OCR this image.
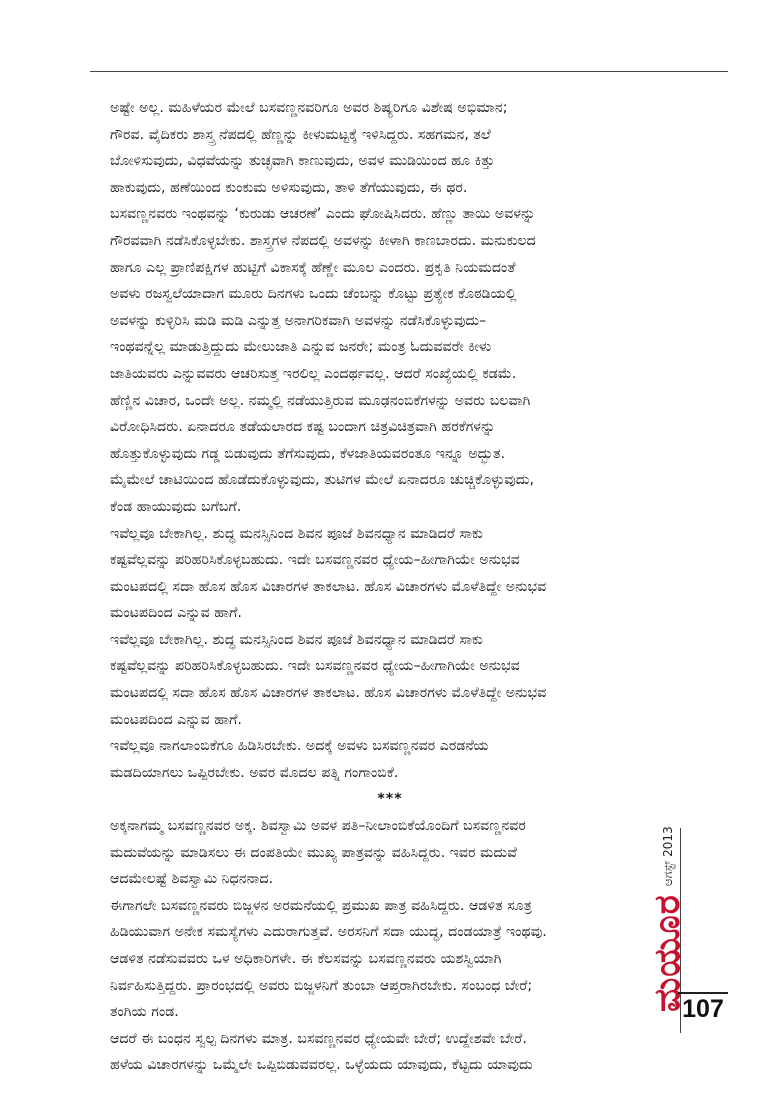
ಅಷ್ಟೇ ಅಲ್ಲ. ಮಹಿಳೆಯರ ಮೇಲೆ ಬಸವಣ್ಣನವರಿಗೂ ಅವರ ಶಿಷ್ಯರಿಗೂ ವಿಶೇಷ ಅಭಿಮಾನ;

ಗೌರವ. ವೈದಿಕರು ಶಾಸ್ತ್ರ ನೆಪದಲ್ಲಿ ಹೆಣ್ಣನ್ನು ಕೀಳುಮಟ್ಟಕ್ಕೆ ಇಳಿಸಿದ್ದರು. ಸಹಗಮನ, ತಲೆ

ಬೋಳಿಸುವುದು, ವಿಧವೆಯನ್ನು ತುಚ್ಛವಾಗಿ ಕಾಣುವುದು, ಅವಳ ಮುಡಿಯಿಂದ ಹೂ ಕಿತ್ತು

ಹಾಕುವುದು, ಹಣೆಯಿಂದ ಕುಂಕುಮ ಅಳಿಸುವುದು, ತಾಳಿ ತೆಗೆಯುವುದು, ಈ ಥರ.

ಬಸವಣ್ಣನವರು ಇಂಥವನ್ನು ‘ಕುರುಡು ಆಚರಣೆ’ ಎಂದು ಘೋಷಿಸಿದರು. ಹೆಣ್ಣು ತಾಯಿ ಅವಳನ್ನು

ಗೌರವವಾಗಿ ನಡೆಸಿಕೊಳ್ಳಬೇಕು. ಶಾಸ್ತ್ರಗಳ ನೆಪದಲ್ಲಿ ಅವಳನ್ನು ಕೀಳಾಗಿ ಕಾಣಬಾರದು. ಮನುಕುಲದ

ಹಾಗೂ ಎಲ್ಲ ಪ್ರಾಣಿಪಕ್ಷಿಗಳ ಹುಟ್ಟಿಗೆ ವಿಕಾಸಕ್ಕೆ ಹೆಣ್ಣೇ ಮೂಲ ಎಂದರು. ಪ್ರಕೃತಿ ನಿಯಮದಂತೆ

ಅವಳು ರಜಸ್ವಲೆಯಾದಾಗ ಮೂರು ದಿನಗಳು ಒಂದು ಚೆಂಬನ್ನು ಕೊಟ್ಟು ಪ್ರತ್ಯೇಕ ಕೊಠಡಿಯಲ್ಲಿ

ಅವಳನ್ನು ಕುಳ್ಳಿರಿಸಿ ಮಡಿ ಮಡಿ ಎನ್ನುತ್ತ ಅನಾಗರಿಕವಾಗಿ ಅವಳನ್ನು ನಡೆಸಿಕೊಳ್ಳುವುದು–

ಇಂಥವನ್ನೆಲ್ಲ ಮಾಡುತ್ತಿದ್ದುದು ಮೇಲುಜಾತಿ ಎನ್ನುವ ಜನರೇ; ಮಂತ್ರ ಓದುವವರೇ ಕೀಳು

ಜಾತಿಯವರು ಎನ್ನುವವರು ಆಚರಿಸುತ್ತ ಇರಲಿಲ್ಲ ಎಂದರ್ಥವಲ್ಲ. ಆದರೆ ಸಂಖ್ಯೆಯಲ್ಲಿ ಕಡಮೆ.

ಹೆಣ್ಣಿನ ವಿಚಾರ, ಒಂದೇ ಅಲ್ಲ. ನಮ್ಮಲ್ಲಿ ನಡೆಯುತ್ತಿರುವ ಮೂಢನಂಬಿಕೆಗಳನ್ನು ಅವರು ಬಲವಾಗಿ

ವಿರೋಧಿಸಿದರು. ಏನಾದರೂ ತಡೆಯಲಾರದ ಕಷ್ಟ ಬಂದಾಗ ಚಿತ್ರವಿಚಿತ್ರವಾಗಿ ಹರಕೆಗಳನ್ನು

ಹೊತ್ತುಕೊಳ್ಳುವುದು ಗಡ್ಡ ಬಿಡುವುದು ತೆಗೆಸುವುದು, ಕೆಳಜಾತಿಯವರಂತೂ ಇನ್ನೂ ಅದ್ಭುತ.

ಮೈಮೇಲೆ ಚಾಟಿಯಿಂದ ಹೊಡೆದುಕೊಳ್ಳುವುದು, ತುಟಿಗಳ ಮೇಲೆ ಏನಾದರೂ ಚುಚ್ಚಿಕೊಳ್ಳುವುದು,

ಕೆಂಡ ಹಾಯುವುದು ಬಗೆಬಗೆ.

ಇವೆಲ್ಲವೂ ಬೇಕಾಗಿಲ್ಲ. ಶುದ್ಧ ಮನಸ್ಸಿನಿಂದ ಶಿವನ ಪೂಜೆ ಶಿವನಧ್ಯಾನ ಮಾಡಿದರೆ ಸಾಕು

ಕಷ್ಟವೆಲ್ಲವನ್ನು ಪರಿಹರಿಸಿಕೊಳ್ಳಬಹುದು. ಇದೇ ಬಸವಣ್ಣನವರ ಧ್ಯೇಯ–ಹೀಗಾಗಿಯೇ ಅನುಭವ

ಮಂಟಪದಲ್ಲಿ ಸದಾ ಹೊಸ ಹೊಸ ವಿಚಾರಗಳ ತಾಕಲಾಟ. ಹೊಸ ವಿಚಾರಗಳು ಮೊಳೆತಿದ್ದೇ ಅನುಭವ

ಮಂಟಪದಿಂದ ಎನ್ನುವ ಹಾಗೆ.

ಇವೆಲ್ಲವೂ ಬೇಕಾಗಿಲ್ಲ. ಶುದ್ಧ ಮನಸ್ಸಿನಿಂದ ಶಿವನ ಪೂಜೆ ಶಿವನಧ್ಯಾನ ಮಾಡಿದರೆ ಸಾಕು

ಕಷ್ಟವೆಲ್ಲವನ್ನು ಪರಿಹರಿಸಿಕೊಳ್ಳಬಹುದು. ಇದೇ ಬಸವಣ್ಣನವರ ಧ್ಯೇಯ–ಹೀಗಾಗಿಯೇ ಅನುಭವ

ಮಂಟಪದಲ್ಲಿ ಸದಾ ಹೊಸ ಹೊಸ ವಿಚಾರಗಳ ತಾಕಲಾಟ. ಹೊಸ ವಿಚಾರಗಳು ಮೊಳೆತಿದ್ದೇ ಅನುಭವ

ಮಂಟಪದಿಂದ ಎನ್ನುವ ಹಾಗೆ.

ಇವೆಲ್ಲವೂ ನಾಗಲಾಂಬಿಕೆಗೂ ಹಿಡಿಸಿರಬೇಕು. ಅದಕ್ಕೆ ಅವಳು ಬಸವಣ್ಣನವರ ಎರಡನೆಯ

ಮಡದಿಯಾಗಲು ಒಪ್ಪಿರಬೇಕು. ಅವರ ಮೊದಲ ಪತ್ನಿ ಗಂಗಾಂಬಿಕೆ.

***

ಅಕ್ಕನಾಗಮ್ಮ ಬಸವಣ್ಣನವರ ಅಕ್ಕ. ಶಿವಸ್ವಾಮಿ ಅವಳ ಪತಿ–ನೀಲಾಂಬಿಕೆಯೊಂದಿಗೆ ಬಸವಣ್ಣನವರ

ಮದುವೆಯನ್ನು ಮಾಡಿಸಲು ಈ ದಂಪತಿಯೇ ಮುಖ್ಯ ಪಾತ್ರವನ್ನು ವಹಿಸಿದ್ದರು. ಇವರ ಮದುವೆ

ಆದಮೇಲಷ್ಟೆ ಶಿವಸ್ವಾಮಿ ನಿಧನನಾದ.

ಈಗಾಗಲೇ ಬಸವಣ್ಣನವರು ಬಿಜ್ಜಳನ ಅರಮನೆಯಲ್ಲಿ ಪ್ರಮುಖ ಪಾತ್ರ ವಹಿಸಿದ್ದರು. ಆಡಳಿತ ಸೂತ್ರ

ಹಿಡಿಯುವಾಗ ಅನೇಕ ಸಮಸ್ಯೆಗಳು ಎದುರಾಗುತ್ತವೆ. ಅರಸನಿಗೆ ಸದಾ ಯುದ್ಧ, ದಂಡಯಾತ್ರೆ ಇಂಥವು.

ಆಡಳಿತ ನಡೆಸುವವರು ಒಳ ಅಧಿಕಾರಿಗಳೇ. ಈ ಕೆಲಸವನ್ನು ಬಸವಣ್ಣನವರು ಯಶಸ್ವಿಯಾಗಿ

ನಿರ್ವಹಿಸುತ್ತಿದ್ದರು. ಪ್ರಾರಂಭದಲ್ಲಿ ಅವರು ಬಿಜ್ಜಳನಿಗೆ ತುಂಬಾ ಆಪ್ತರಾಗಿರಬೇಕು. ಸಂಬಂಧ ಬೇರೆ;

ತಂಗಿಯ ಗಂಡ.

ಆದರೆ ಈ ಬಂಧನ ಸ್ವಲ್ಪ ದಿನಗಳು ಮಾತ್ರ. ಬಸವಣ್ಣನವರ ಧ್ಯೇಯವೇ ಬೇರೆ; ಉದ್ದೇಶವೇ ಬೇರೆ.

ಹಳೆಯ ವಿಚಾರಗಳನ್ನು ಒಮ್ಮೆಲೇ ಒಪ್ಪಿಬಿಡುವವರಲ್ಲ. ಒಳ್ಳೆಯದು ಯಾವುದು, ಕೆಟ್ಟದು ಯಾವುದು

ಮಯೂರ
ಆಗಸ್ಟ್ 2013
107
